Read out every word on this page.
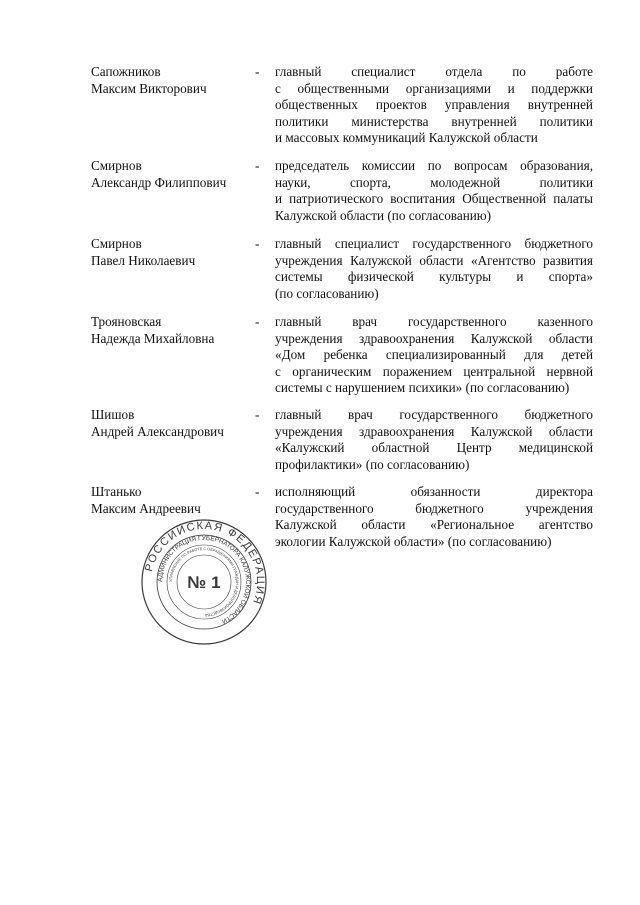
Сапожников
Максим Викторович
- главный специалист отдела по работе
с общественными организациями и поддержки
общественных проектов управления внутренней
политики министерства внутренней политики
и массовых коммуникаций Калужской области
Смирнов
Александр Филиппович
- председатель комиссии по вопросам образования,
науки, спорта, молодежной политики
и патриотического воспитания Общественной палаты
Калужской области (по согласованию)
Смирнов
Павел Николаевич
- главный специалист государственного бюджетного
учреждения Калужской области «Агентство развития
системы физической культуры и спорта»
(по согласованию)
Трояновская
Надежда Михайловна
- главный врач государственного казенного
учреждения здравоохранения Калужской области
«Дом ребенка специализированный для детей
с органическим поражением центральной нервной
системы с нарушением психики» (по согласованию)
Шишов
Андрей Александрович
- главный врач государственного бюджетного
учреждения здравоохранения Калужской области
«Калужский областной Центр медицинской
профилактики» (по согласованию)
Штанько
Максим Андреевич
- исполняющий обязанности директора
государственного бюджетного учреждения
Калужской области «Региональное агентство
экологии Калужской области» (по согласованию)
РОССИЙСКАЯ ФЕДЕРАЦИЯ
АДМИНИСТРАЦИЯ ГУБЕРНАТОРА КАЛУЖСКОЙ ОБЛАСТИ
УПРАВЛЕНИЕ ПО РАБОТЕ С ОБРАЩЕНИЯМИ ГРАЖДАН И ДЕЛОПРОИЗВОДСТВА
№ 1
